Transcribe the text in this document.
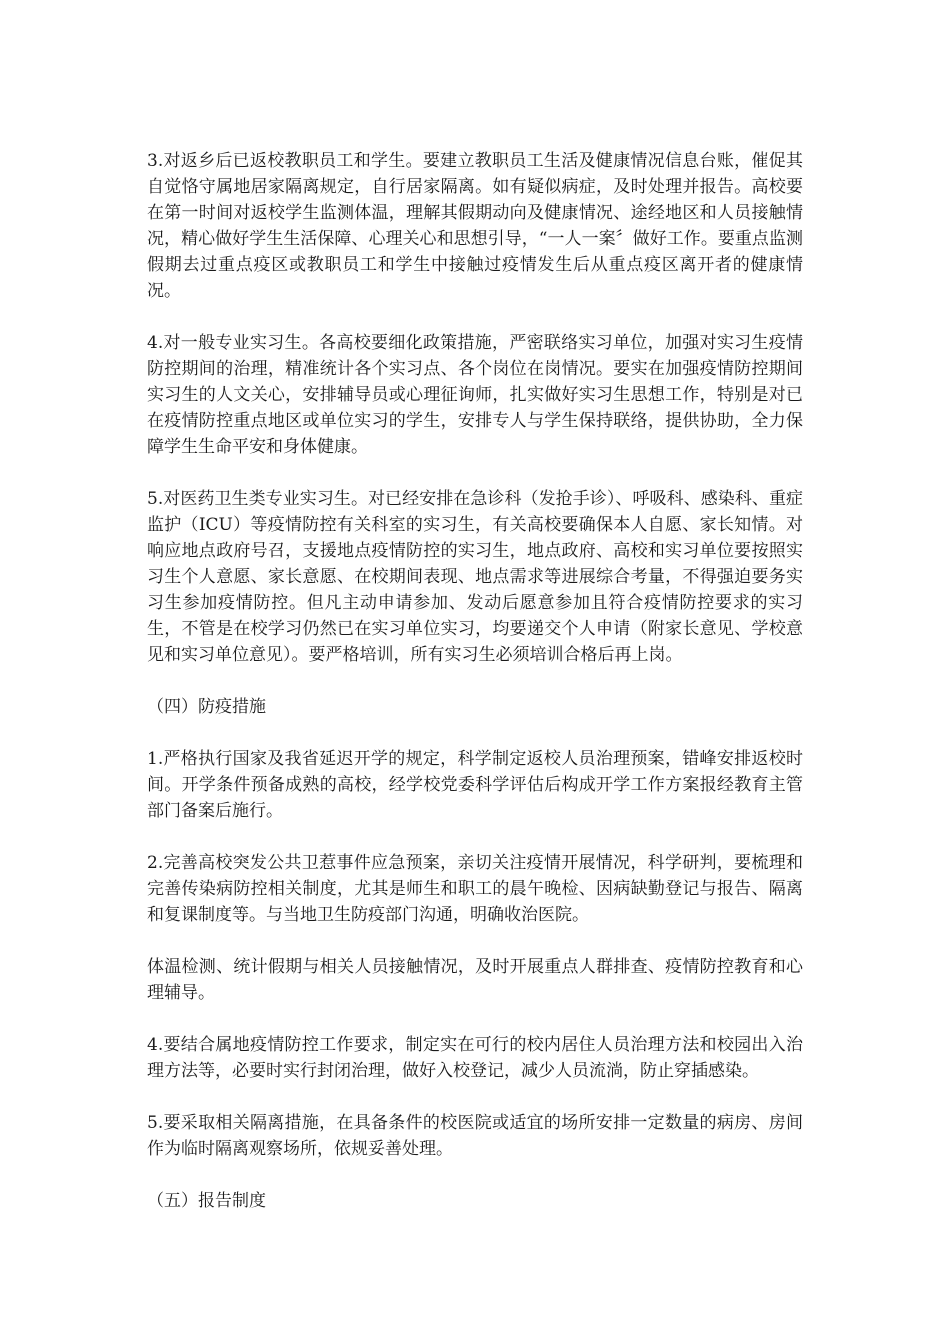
3.对返乡后已返校教职员工和学生。要建立教职员工生活及健康情况信息台账，催促其自觉恪守属地居家隔离规定，自行居家隔离。如有疑似病症，及时处理并报告。高校要在第一时间对返校学生监测体温，理解其假期动向及健康情况、途经地区和人员接触情况，精心做好学生生活保障、心理关心和思想引导，“一人一案〞做好工作。要重点监测假期去过重点疫区或教职员工和学生中接触过疫情发生后从重点疫区离开者的健康情况。

4.对一般专业实习生。各高校要细化政策措施，严密联络实习单位，加强对实习生疫情防控期间的治理，精准统计各个实习点、各个岗位在岗情况。要实在加强疫情防控期间实习生的人文关心，安排辅导员或心理征询师，扎实做好实习生思想工作，特别是对已在疫情防控重点地区或单位实习的学生，安排专人与学生保持联络，提供协助，全力保障学生生命平安和身体健康。

5.对医药卫生类专业实习生。对已经安排在急诊科（发抢手诊）、呼吸科、感染科、重症监护（ICU）等疫情防控有关科室的实习生，有关高校要确保本人自愿、家长知情。对响应地点政府号召，支援地点疫情防控的实习生，地点政府、高校和实习单位要按照实习生个人意愿、家长意愿、在校期间表现、地点需求等进展综合考量，不得强迫要务实习生参加疫情防控。但凡主动申请参加、发动后愿意参加且符合疫情防控要求的实习生，不管是在校学习仍然已在实习单位实习，均要递交个人申请（附家长意见、学校意见和实习单位意见）。要严格培训，所有实习生必须培训合格后再上岗。

（四）防疫措施

1.严格执行国家及我省延迟开学的规定，科学制定返校人员治理预案，错峰安排返校时间。开学条件预备成熟的高校，经学校党委科学评估后构成开学工作方案报经教育主管部门备案后施行。

2.完善高校突发公共卫惹事件应急预案，亲切关注疫情开展情况，科学研判，要梳理和完善传染病防控相关制度，尤其是师生和职工的晨午晚检、因病缺勤登记与报告、隔离和复课制度等。与当地卫生防疫部门沟通，明确收治医院。

体温检测、统计假期与相关人员接触情况，及时开展重点人群排查、疫情防控教育和心理辅导。

4.要结合属地疫情防控工作要求，制定实在可行的校内居住人员治理方法和校园出入治理方法等，必要时实行封闭治理，做好入校登记，减少人员流淌，防止穿插感染。

5.要采取相关隔离措施，在具备条件的校医院或适宜的场所安排一定数量的病房、房间作为临时隔离观察场所，依规妥善处理。

（五）报告制度
